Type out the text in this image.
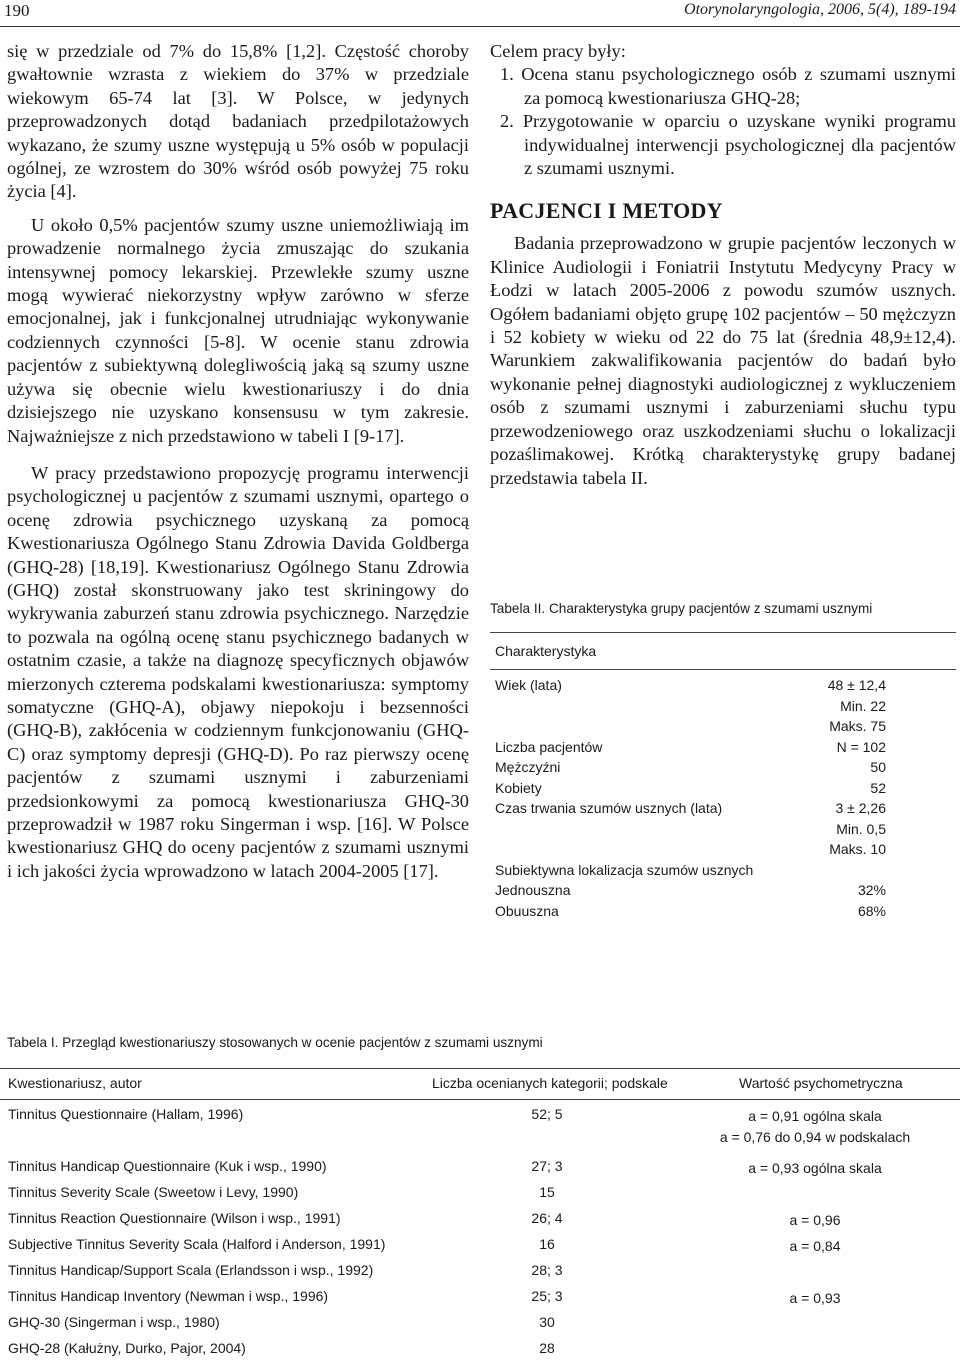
190	Otorynolaryngologia, 2006, 5(4), 189-194

się w przedziale od 7% do 15,8% [1,2]. Częstość choroby gwałtownie wzrasta z wiekiem do 37% w przedziale wiekowym 65-74 lat [3]. W Polsce, w jedynych przeprowadzonych dotąd badaniach przedpilotażowych wykazano, że szumy uszne występują u 5% osób w populacji ogólnej, ze wzrostem do 30% wśród osób powyżej 75 roku życia [4].

U około 0,5% pacjentów szumy uszne uniemożliwiają im prowadzenie normalnego życia zmuszając do szukania intensywnej pomocy lekarskiej. Przewlekłe szumy uszne mogą wywierać niekorzystny wpływ zarówno w sferze emocjonalnej, jak i funkcjonalnej utrudniając wykonywanie codziennych czynności [5-8]. W ocenie stanu zdrowia pacjentów z subiektywną dolegliwością jaką są szumy uszne używa się obecnie wielu kwestionariuszy i do dnia dzisiejszego nie uzyskano konsensusu w tym zakresie. Najważniejsze z nich przedstawiono w tabeli I [9-17].

W pracy przedstawiono propozycję programu interwencji psychologicznej u pacjentów z szumami usznymi, opartego o ocenę zdrowia psychicznego uzyskaną za pomocą Kwestionariusza Ogólnego Stanu Zdrowia Davida Goldberga (GHQ-28) [18,19]. Kwestionariusz Ogólnego Stanu Zdrowia (GHQ) został skonstruowany jako test skriningowy do wykrywania zaburzeń stanu zdrowia psychicznego. Narzędzie to pozwala na ogólną ocenę stanu psychicznego badanych w ostatnim czasie, a także na diagnozę specyficznych objawów mierzonych czterema podskalami kwestionariusza: symptomy somatyczne (GHQ-A), objawy niepokoju i bezsenności (GHQ-B), zakłócenia w codziennym funkcjonowaniu (GHQ-C) oraz symptomy depresji (GHQ-D). Po raz pierwszy ocenę pacjentów z szumami usznymi i zaburzeniami przedsionkowymi za pomocą kwestionariusza GHQ-30 przeprowadził w 1987 roku Singerman i wsp. [16]. W Polsce kwestionariusz GHQ do oceny pacjentów z szumami usznymi i ich jakości życia wprowadzono w latach 2004-2005 [17].

Celem pracy były:

1. Ocena stanu psychologicznego osób z szumami usznymi za pomocą kwestionariusza GHQ-28;
2. Przygotowanie w oparciu o uzyskane wyniki programu indywidualnej interwencji psychologicznej dla pacjentów z szumami usznymi.
PACJENCI I METODY

Badania przeprowadzono w grupie pacjentów leczonych w Klinice Audiologii i Foniatrii Instytutu Medycyny Pracy w Łodzi w latach 2005-2006 z powodu szumów usznych. Ogółem badaniami objęto grupę 102 pacjentów – 50 mężczyzn i 52 kobiety w wieku od 22 do 75 lat (średnia 48,9±12,4). Warunkiem zakwalifikowania pacjentów do badań było wykonanie pełnej diagnostyki audiologicznej z wykluczeniem osób z szumami usznymi i zaburzeniami słuchu typu przewodzeniowego oraz uszkodzeniami słuchu o lokalizacji pozaślimakowej. Krótką charakterystykę grupy badanej przedstawia tabela II.

Tabela II. Charakterystyka grupy pacjentów z szumami usznymi
Charakterystyka
Wiek (lata)	48 ± 12,4
Min. 22
Maks. 75
Liczba pacjentów	N = 102
Mężczyźni	50
Kobiety	52
Czas trwania szumów usznych (lata)	3 ± 2,26
Min. 0,5
Maks. 10
Subiektywna lokalizacja szumów usznych
Jednouszna	32%
Obuuszna	68%
Tabela I. Przegląd kwestionariuszy stosowanych w ocenie pacjentów z szumami usznymi
Kwestionariusz, autor	Liczba ocenianych kategorii; podskale	Wartość psychometryczna
Tinnitus Questionnaire (Hallam, 1996)	52; 5	a = 0,91 ogólna skala
a = 0,76 do 0,94 w podskalach
Tinnitus Handicap Questionnaire (Kuk i wsp., 1990)	27; 3	a = 0,93 ogólna skala
Tinnitus Severity Scale (Sweetow i Levy, 1990)	15
Tinnitus Reaction Questionnaire (Wilson i wsp., 1991)	26; 4	a = 0,96
Subjective Tinnitus Severity Scala (Halford i Anderson, 1991)	16	a = 0,84
Tinnitus Handicap/Support Scala (Erlandsson i wsp., 1992)	28; 3
Tinnitus Handicap Inventory (Newman i wsp., 1996)	25; 3	a = 0,93
GHQ-30 (Singerman i wsp., 1980)	30
GHQ-28 (Kałużny, Durko, Pajor, 2004)	28
